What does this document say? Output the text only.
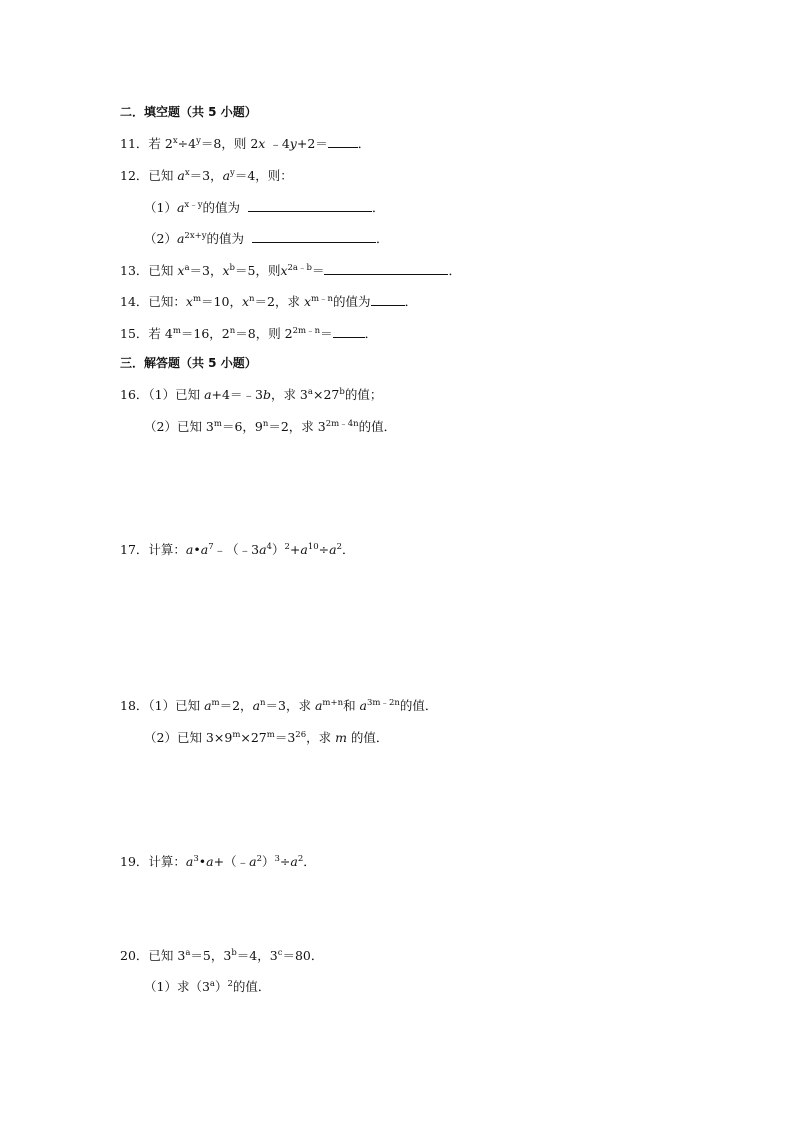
二．填空题（共 5 小题）
11．若 $2^x\div 4^y=8$，则 2x ﹣4y+2＝ ．
12．已知 $a^x=3$，$a^y=4$，则：
$(1)a^{x﹣y}$的值为	．
$(2)a^{2x+y}$的值为	．
13．已知 $x^a=3$，$x^b=5$，则$x^{2a﹣b}=$	．
14．已知：$x^m=10$，$x^n=2$，求 $x^{m﹣n}$的值为	．
15．若 $4^m=16$，$2^n=8$，则 $2^{2m﹣n}=$	．
三．解答题（共 5 小题）
16．（1）已知 a+4＝﹣3b，求 $3^a\times 27^b$的值；
（2）已知 $3^m=6$，$9^n=2$，求 $3^{2m﹣4n}$的值．
17．计算：$a•a^7﹣(﹣3a^4)^2+a^{10}\div a^2$．
18．（1）已知 $a^m=2$，$a^n=3$，求 $a^{m+n}$和 $a^{3m﹣2n}$的值．
（2）已知 $3\times 9^m\times 27^m=3^{26}$，求 m 的值．
19．计算：$a^3•a+(﹣a^2)^3\div a^2$．
20．已知 $3^a=5$，$3^b=4$，$3^c=80$．
（1）求$(3^a)^2$的值．
